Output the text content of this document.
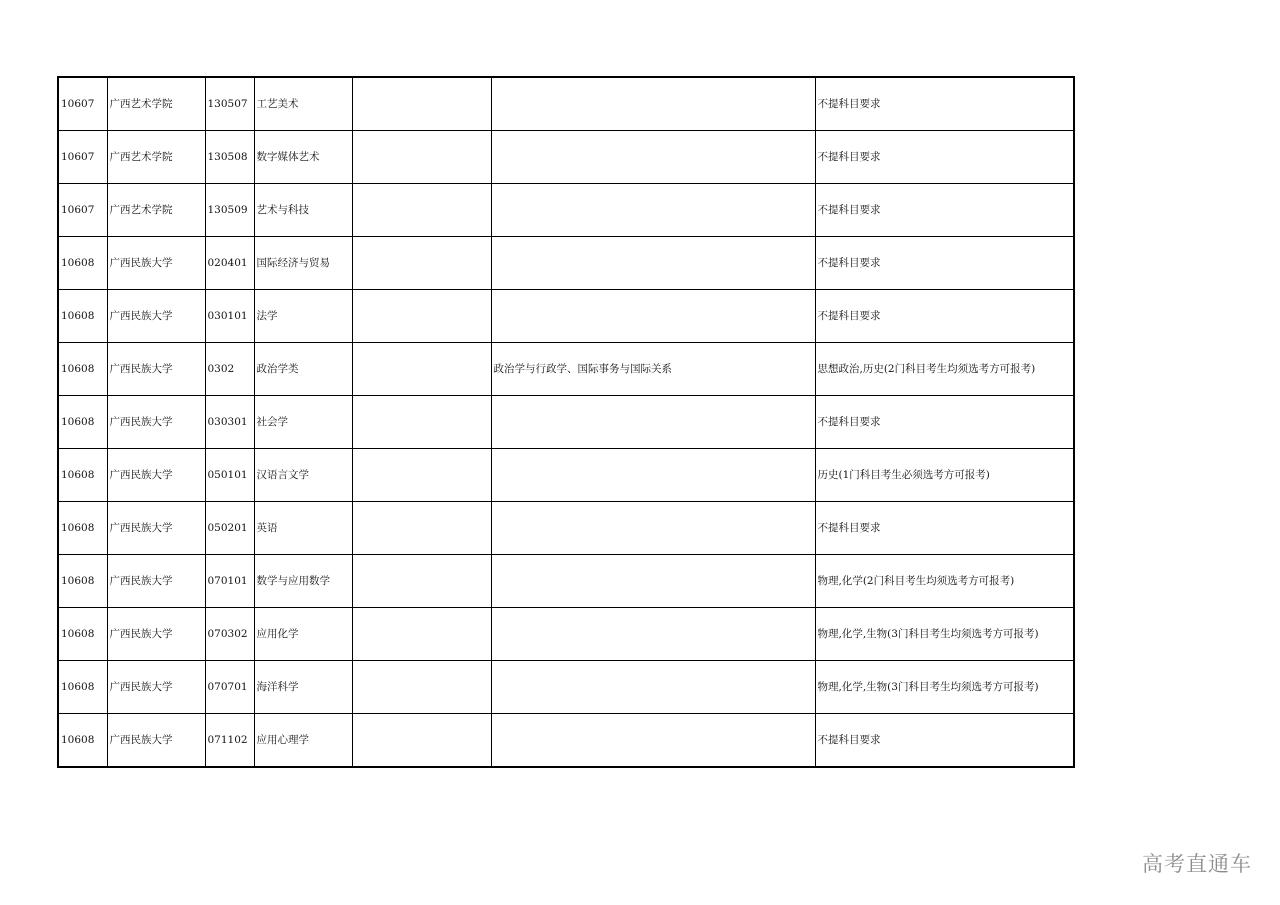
10607	广西艺术学院	130507	工艺美术			不提科目要求
10607	广西艺术学院	130508	数字媒体艺术			不提科目要求
10607	广西艺术学院	130509	艺术与科技			不提科目要求
10608	广西民族大学	020401	国际经济与贸易			不提科目要求
10608	广西民族大学	030101	法学			不提科目要求
10608	广西民族大学	0302	政治学类		政治学与行政学、国际事务与国际关系	思想政治,历史(2门科目考生均须选考方可报考)
10608	广西民族大学	030301	社会学			不提科目要求
10608	广西民族大学	050101	汉语言文学			历史(1门科目考生必须选考方可报考)
10608	广西民族大学	050201	英语			不提科目要求
10608	广西民族大学	070101	数学与应用数学			物理,化学(2门科目考生均须选考方可报考)
10608	广西民族大学	070302	应用化学			物理,化学,生物(3门科目考生均须选考方可报考)
10608	广西民族大学	070701	海洋科学			物理,化学,生物(3门科目考生均须选考方可报考)
10608	广西民族大学	071102	应用心理学			不提科目要求
高考直通车
